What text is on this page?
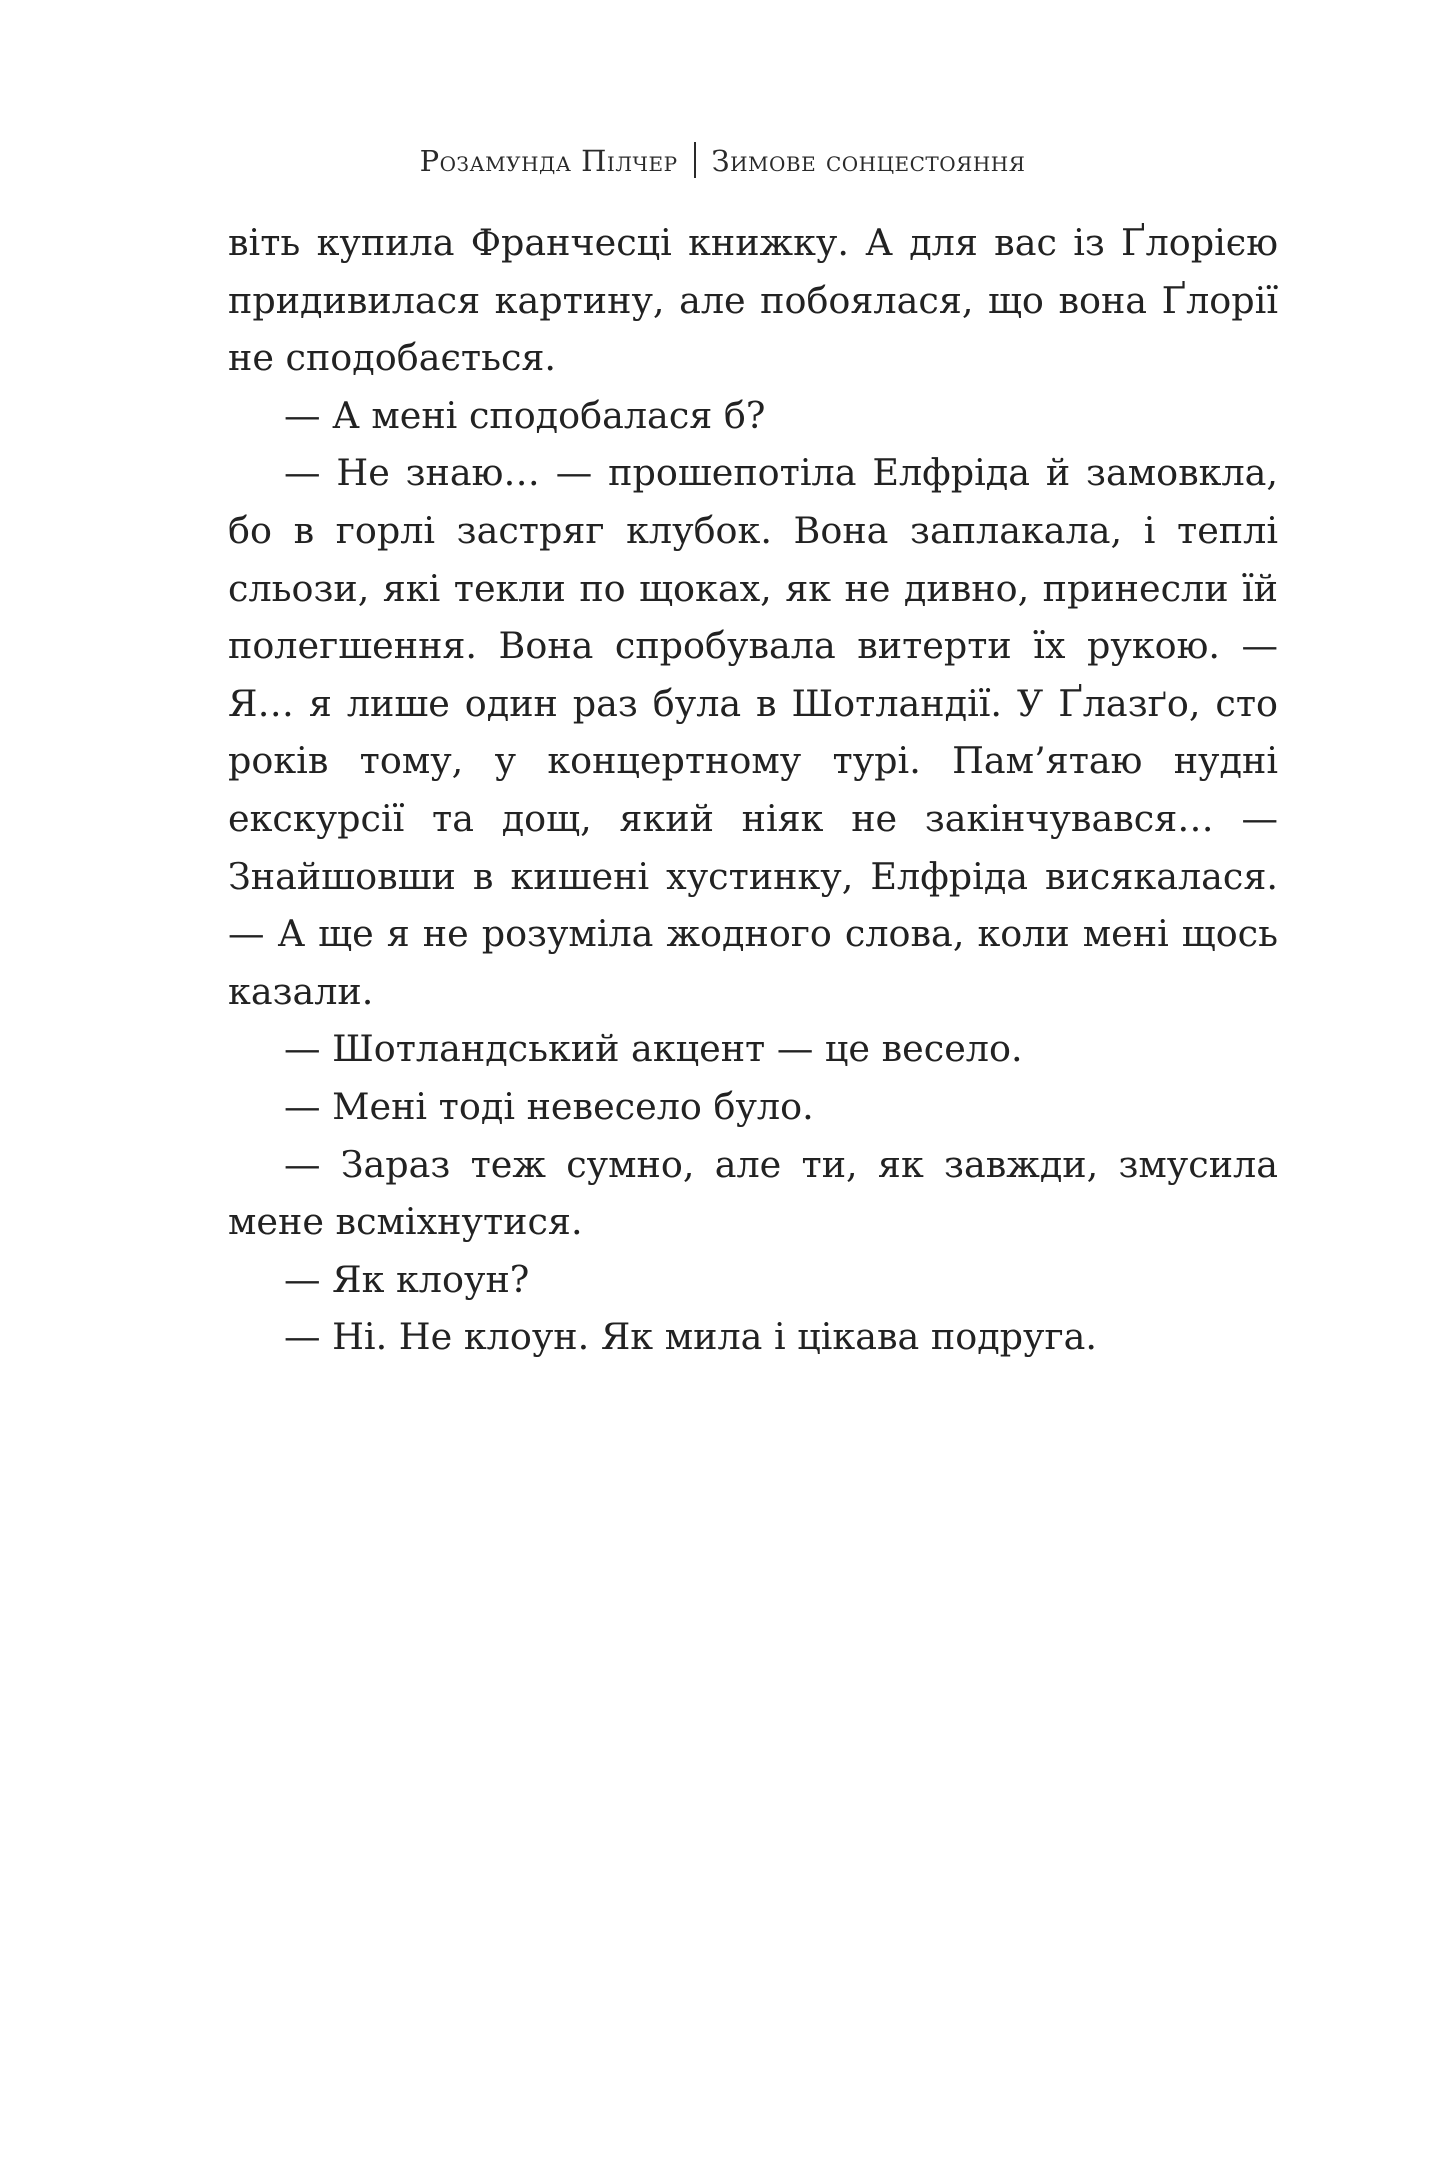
Розамунда Пілчер Зимове сонцестояння

віть купила Франчесці книжку. А для вас із Ґлорією придивилася картину, але побоялася, що вона Ґлорії не сподобається.

— А мені сподобалася б?

— Не знаю… — прошепотіла Елфріда й замовкла, бо в горлі застряг клубок. Вона заплакала, і теплі сльози, які текли по щоках, як не дивно, принесли їй полегшення. Вона спробувала витерти їх рукою. — Я… я лише один раз була в Шотландії. У Ґлазґо, сто років тому, у концертному турі. Пам’ятаю нудні екскурсії та дощ, який ніяк не закінчувався… — Знайшовши в кишені хустинку, Елфріда висякалася. — А ще я не розуміла жодного слова, коли мені щось казали.

— Шотландський акцент — це весело.

— Мені тоді невесело було.

— Зараз теж сумно, але ти, як завжди, змусила мене всміхнутися.

— Як клоун?

— Ні. Не клоун. Як мила і цікава подруга.
